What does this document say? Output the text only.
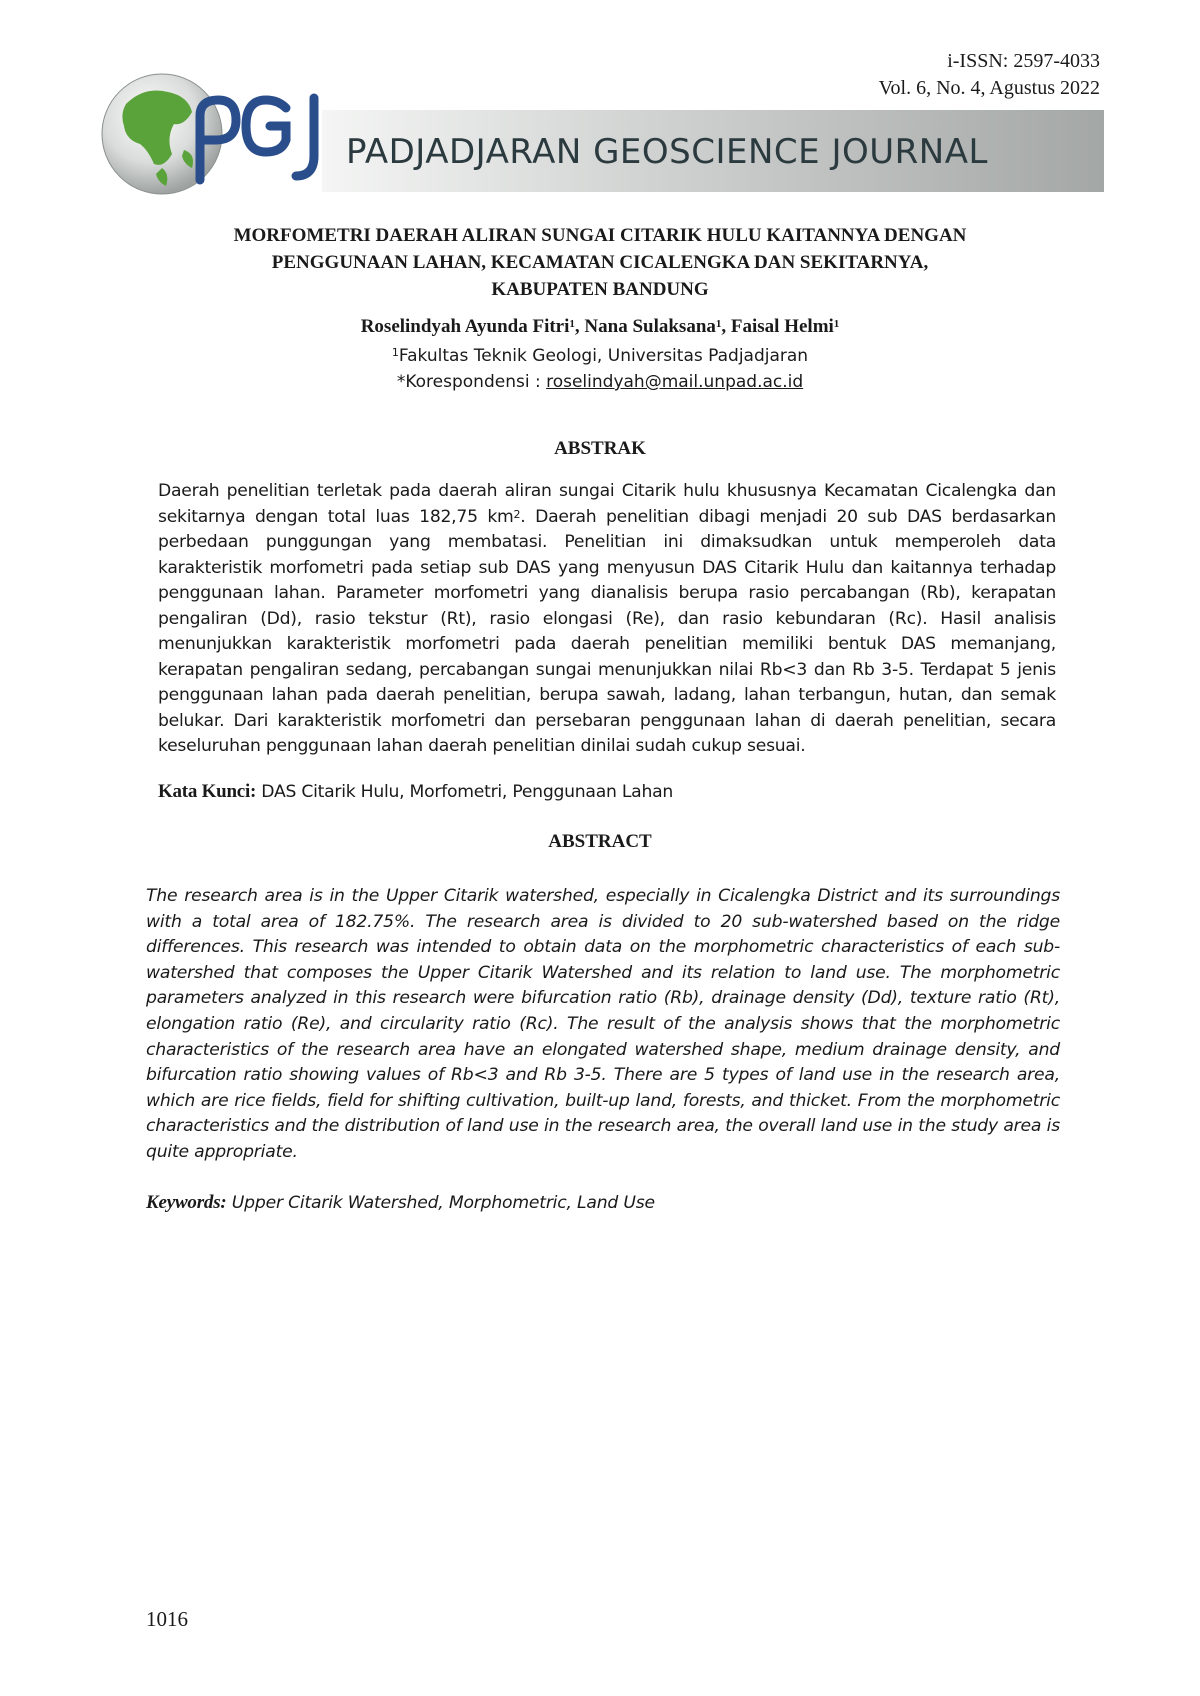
i-ISSN: 2597-4033
Vol. 6, No. 4, Agustus 2022
PADJADJARAN GEOSCIENCE JOURNAL
PGJ
MORFOMETRI DAERAH ALIRAN SUNGAI CITARIK HULU KAITANNYA DENGAN
PENGGUNAAN LAHAN, KECAMATAN CICALENGKA DAN SEKITARNYA,
KABUPATEN BANDUNG
Roselindyah Ayunda Fitri$^1$, Nana Sulaksana$^1$, Faisal Helmi$^1$
$^1$Fakultas Teknik Geologi, Universitas Padjadjaran
*Korespondensi : roselindyah@mail.unpad.ac.id
ABSTRAK
Daerah penelitian terletak pada daerah aliran sungai Citarik hulu khususnya Kecamatan Cicalengka dan sekitarnya dengan total luas 182,75 $km^2$. Daerah penelitian dibagi menjadi 20 sub DAS berdasarkan perbedaan punggungan yang membatasi. Penelitian ini dimaksudkan untuk memperoleh data karakteristik morfometri pada setiap sub DAS yang menyusun DAS Citarik Hulu dan kaitannya terhadap penggunaan lahan. Parameter morfometri yang dianalisis berupa rasio percabangan (Rb), kerapatan pengaliran (Dd), rasio tekstur (Rt), rasio elongasi (Re), dan rasio kebundaran (Rc). Hasil analisis menunjukkan karakteristik morfometri pada daerah penelitian memiliki bentuk DAS memanjang, kerapatan pengaliran sedang, percabangan sungai menunjukkan nilai Rb<3 dan Rb 3-5. Terdapat 5 jenis penggunaan lahan pada daerah penelitian, berupa sawah, ladang, lahan terbangun, hutan, dan semak belukar. Dari karakteristik morfometri dan persebaran penggunaan lahan di daerah penelitian, secara keseluruhan penggunaan lahan daerah penelitian dinilai sudah cukup sesuai.
Kata Kunci: DAS Citarik Hulu, Morfometri, Penggunaan Lahan
ABSTRACT
The research area is in the Upper Citarik watershed, especially in Cicalengka District and its surroundings with a total area of 182.75%. The research area is divided to 20 sub-watershed based on the ridge differences. This research was intended to obtain data on the morphometric characteristics of each sub-watershed that composes the Upper Citarik Watershed and its relation to land use. The morphometric parameters analyzed in this research were bifurcation ratio (Rb), drainage density (Dd), texture ratio (Rt), elongation ratio (Re), and circularity ratio (Rc). The result of the analysis shows that the morphometric characteristics of the research area have an elongated watershed shape, medium drainage density, and bifurcation ratio showing values of Rb<3 and Rb 3-5. There are 5 types of land use in the research area, which are rice fields, field for shifting cultivation, built-up land, forests, and thicket. From the morphometric characteristics and the distribution of land use in the research area, the overall land use in the study area is quite appropriate.
Keywords: Upper Citarik Watershed, Morphometric, Land Use
1016
